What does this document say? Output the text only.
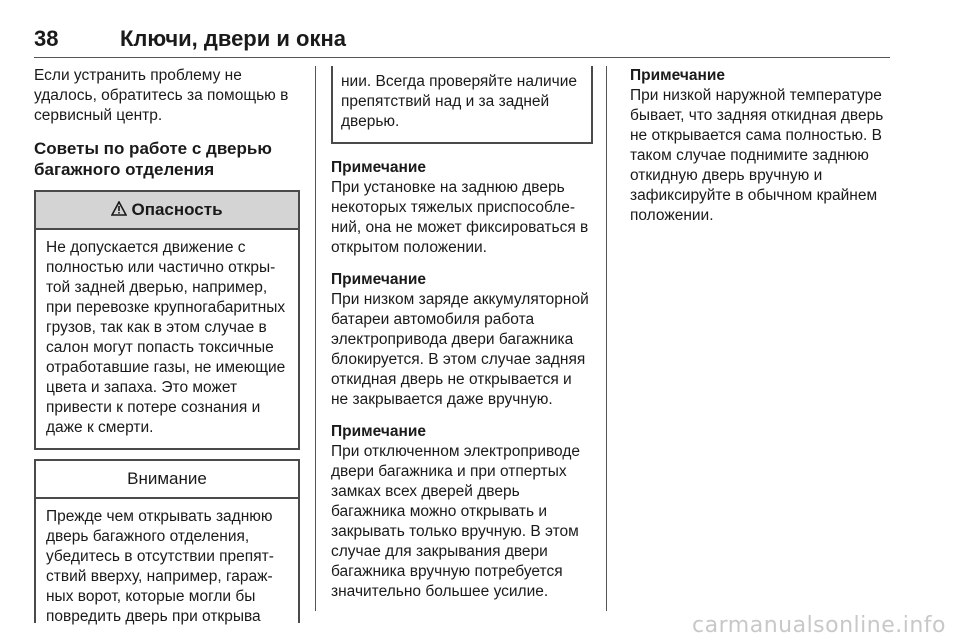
38	Ключи, двери и окна

Если устранить проблему не удалось, обратитесь за помощью в сервисный центр.

Советы по работе с дверью багажного отделения
Опасность
Не допускается движение с полностью или частично открытой задней дверью, например, при перевозке крупногабаритных грузов, так как в этом случае в салон могут попасть токсичные отработавшие газы, не имеющие цвета и запаха. Это может привести к потере сознания и даже к смерти.
Внимание
Прежде чем открывать заднюю дверь багажного отделения, убедитесь в отсутствии препятствий вверху, например, гаражных ворот, которые могли бы повредить дверь при открыва
нии. Всегда проверяйте наличие препятствий над и за задней дверью.
Примечание
При установке на заднюю дверь некоторых тяжелых приспособлений, она не может фиксироваться в открытом положении.
Примечание
При низком заряде аккумуляторной батареи автомобиля работа электропривода двери багажника блокируется. В этом случае задняя откидная дверь не открывается и не закрывается даже вручную.
Примечание
При отключенном электроприводе двери багажника и при отпертых замках всех дверей дверь багажника можно открывать и закрывать только вручную. В этом случае для закрывания двери багажника вручную потребуется значительно большее усилие.
Примечание
При низкой наружной температуре бывает, что задняя откидная дверь не открывается сама полностью. В таком случае поднимите заднюю откидную дверь вручную и зафиксируйте в обычном крайнем положении.
carmanualsonline.info
